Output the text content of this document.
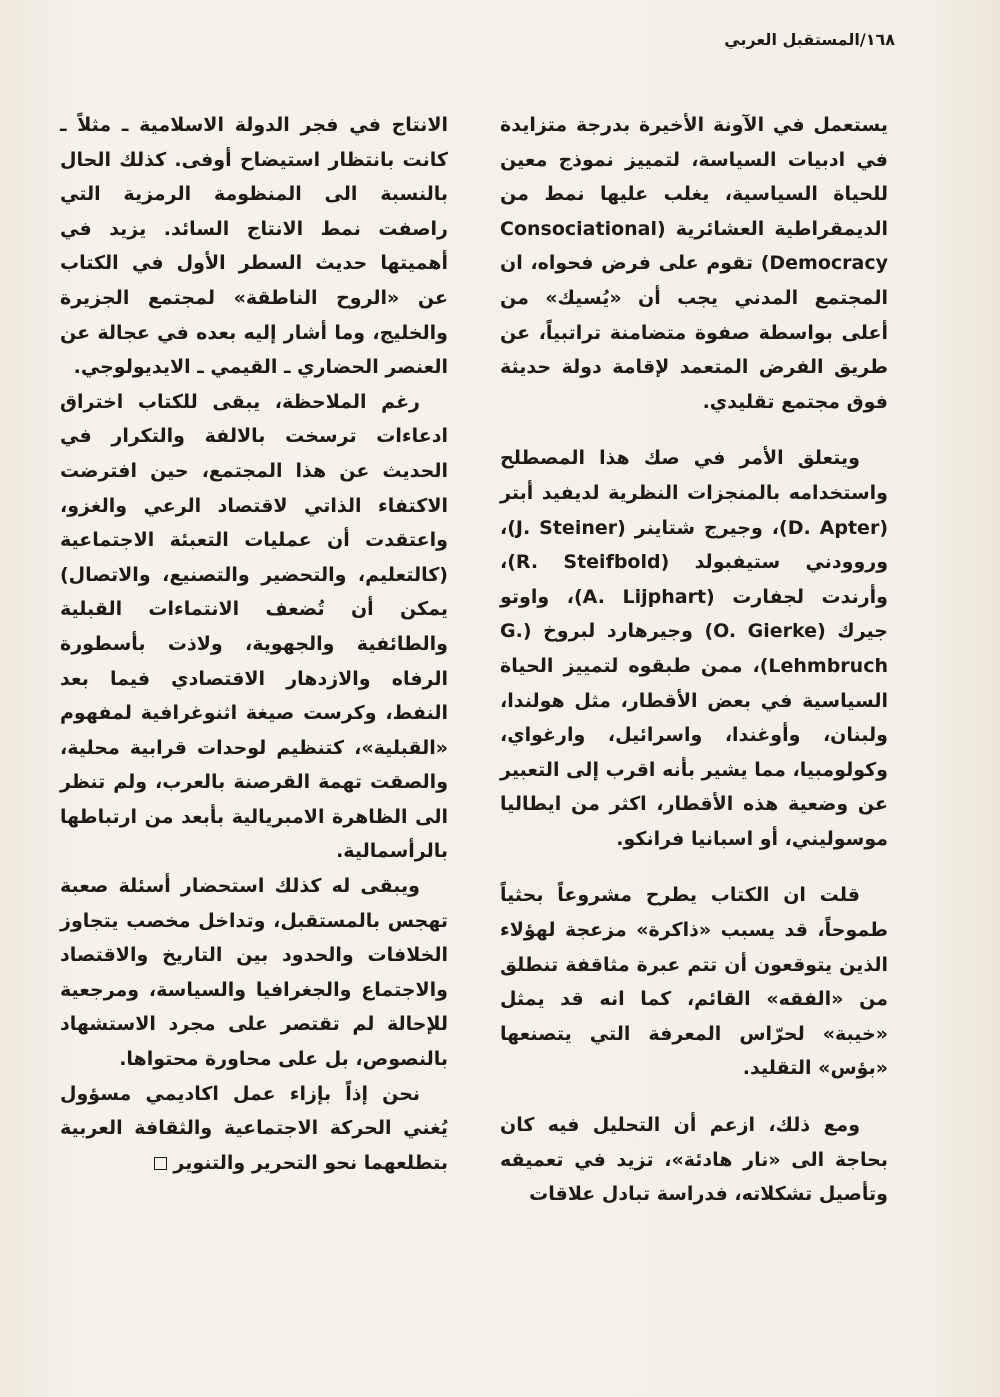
١٦٨/المستقبل العربي

يستعمل في الآونة الأخيرة بدرجة متزايدة في ادبيات السياسة، لتمييز نموذج معين للحياة السياسية، يغلب عليها نمط من الديمقراطية العشائرية (Consociational Democracy) تقوم على فرض فحواه، ان المجتمع المدني يجب أن «يُسيك» من أعلى بواسطة صفوة متضامنة تراتبياً، عن طريق الفرض المتعمد لإقامة دولة حديثة فوق مجتمع تقليدي.

ويتعلق الأمر في صك هذا المصطلح واستخدامه بالمنجزات النظرية لديفيد أبتر (D. Apter)، وجيرج شتاينر (J. Steiner)، وروودني ستيفبولد (R. Steifbold)، وأرندت لجفارت (A. Lijphart)، واوتو جيرك (O. Gierke) وجيرهارد لبروخ (G. Lehmbruch)، ممن طبقوه لتمييز الحياة السياسية في بعض الأقطار، مثل هولندا، ولبنان، وأوغندا، واسرائيل، وارغواي، وكولومبيا، مما يشير بأنه اقرب إلى التعبير عن وضعية هذه الأقطار، اكثر من ايطاليا موسوليني، أو اسبانيا فرانكو.

قلت ان الكتاب يطرح مشروعاً بحثياً طموحاً، قد يسبب «ذاكرة» مزعجة لهؤلاء الذين يتوقعون أن تتم عبرة مثاقفة تنطلق من «الفقه» القائم، كما انه قد يمثل «خيبة» لحرّاس المعرفة التي يتصنعها «بؤس» التقليد.

ومع ذلك، ازعم أن التحليل فيه كان بحاجة الى «نار هادئة»، تزيد في تعميقه وتأصيل تشكلاته، فدراسة تبادل علاقات

الانتاج في فجر الدولة الاسلامية ـ مثلاً ـ كانت بانتظار استيضاح أوفى. كذلك الحال بالنسبة الى المنظومة الرمزية التي راصفت نمط الانتاج السائد. يزيد في أهميتها حديث السطر الأول في الكتاب عن «الروح الناطقة» لمجتمع الجزيرة والخليج، وما أشار إليه بعده في عجالة عن العنصر الحضاري ـ القيمي ـ الايديولوجي.

رغم الملاحظة، يبقى للكتاب اختراق ادعاءات ترسخت بالالفة والتكرار في الحديث عن هذا المجتمع، حين افترضت الاكتفاء الذاتي لاقتصاد الرعي والغزو، واعتقدت أن عمليات التعبئة الاجتماعية (كالتعليم، والتحضير والتصنيع، والاتصال) يمكن أن تُضعف الانتماءات القبلية والطائفية والجهوية، ولاذت بأسطورة الرفاه والازدهار الاقتصادي فيما بعد النفط، وكرست صيغة اثنوغرافية لمفهوم «القبلية»، كتنظيم لوحدات قرابية محلية، والصقت تهمة القرصنة بالعرب، ولم تنظر الى الظاهرة الامبريالية بأبعد من ارتباطها بالرأسمالية.

ويبقى له كذلك استحضار أسئلة صعبة تهجس بالمستقبل، وتداخل مخصب يتجاوز الخلافات والحدود بين التاريخ والاقتصاد والاجتماع والجغرافيا والسياسة، ومرجعية للإحالة لم تقتصر على مجرد الاستشهاد بالنصوص، بل على محاورة محتواها.

نحن إذاً بإزاء عمل اكاديمي مسؤول يُغني الحركة الاجتماعية والثقافة العربية بتطلعهما نحو التحرير والتنوير
